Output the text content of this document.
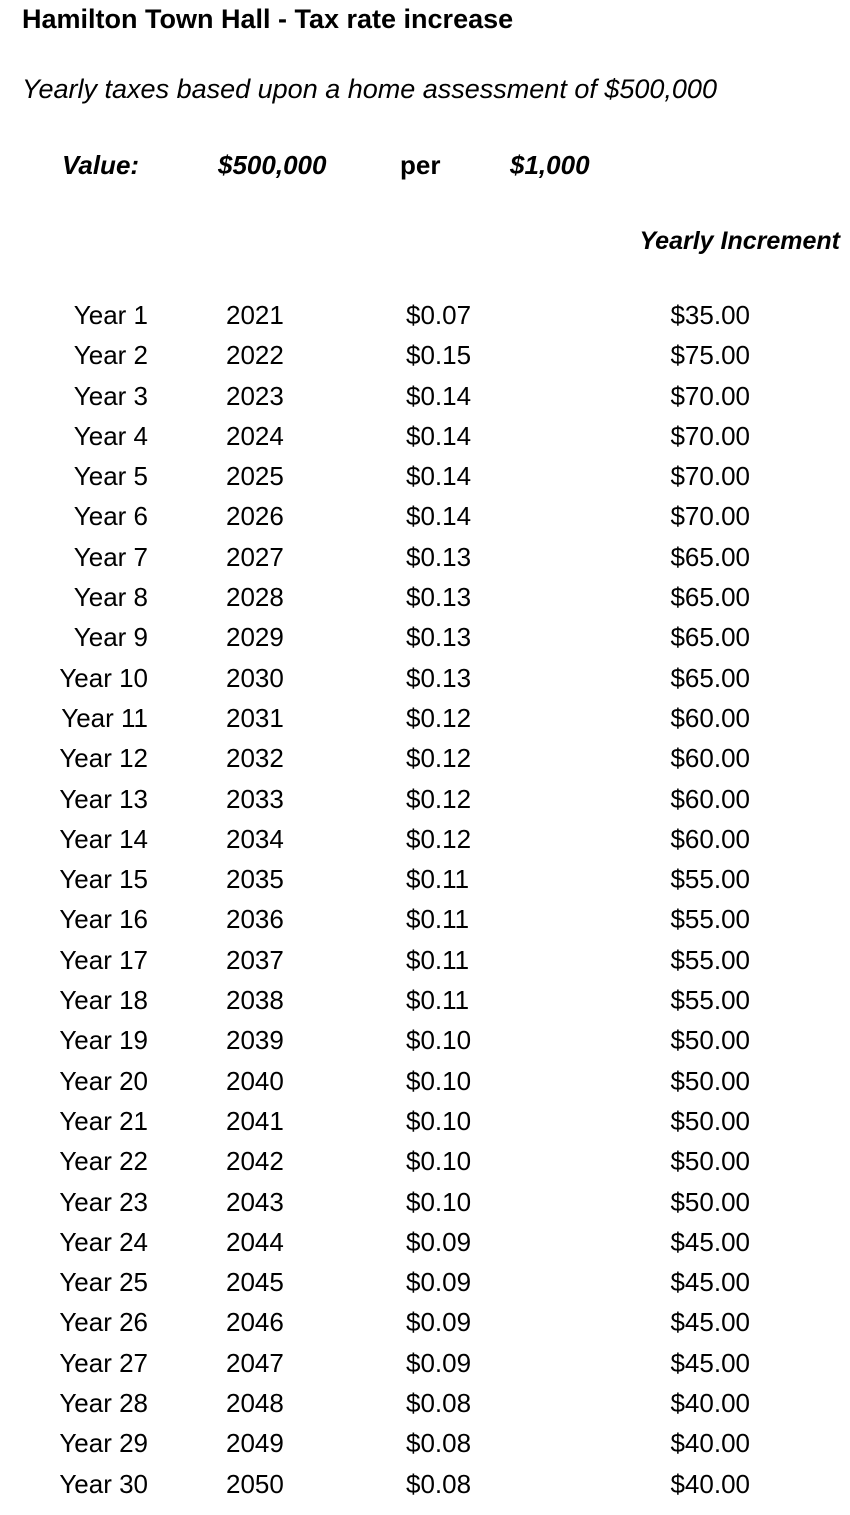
Hamilton Town Hall - Tax rate increase
Yearly taxes based upon a home assessment of $500,000
Value:	$500,000	per	$1,000
Yearly Increment
Year 1	2021	$0.07	$35.00
Year 2	2022	$0.15	$75.00
Year 3	2023	$0.14	$70.00
Year 4	2024	$0.14	$70.00
Year 5	2025	$0.14	$70.00
Year 6	2026	$0.14	$70.00
Year 7	2027	$0.13	$65.00
Year 8	2028	$0.13	$65.00
Year 9	2029	$0.13	$65.00
Year 10	2030	$0.13	$65.00
Year 11	2031	$0.12	$60.00
Year 12	2032	$0.12	$60.00
Year 13	2033	$0.12	$60.00
Year 14	2034	$0.12	$60.00
Year 15	2035	$0.11	$55.00
Year 16	2036	$0.11	$55.00
Year 17	2037	$0.11	$55.00
Year 18	2038	$0.11	$55.00
Year 19	2039	$0.10	$50.00
Year 20	2040	$0.10	$50.00
Year 21	2041	$0.10	$50.00
Year 22	2042	$0.10	$50.00
Year 23	2043	$0.10	$50.00
Year 24	2044	$0.09	$45.00
Year 25	2045	$0.09	$45.00
Year 26	2046	$0.09	$45.00
Year 27	2047	$0.09	$45.00
Year 28	2048	$0.08	$40.00
Year 29	2049	$0.08	$40.00
Year 30	2050	$0.08	$40.00
